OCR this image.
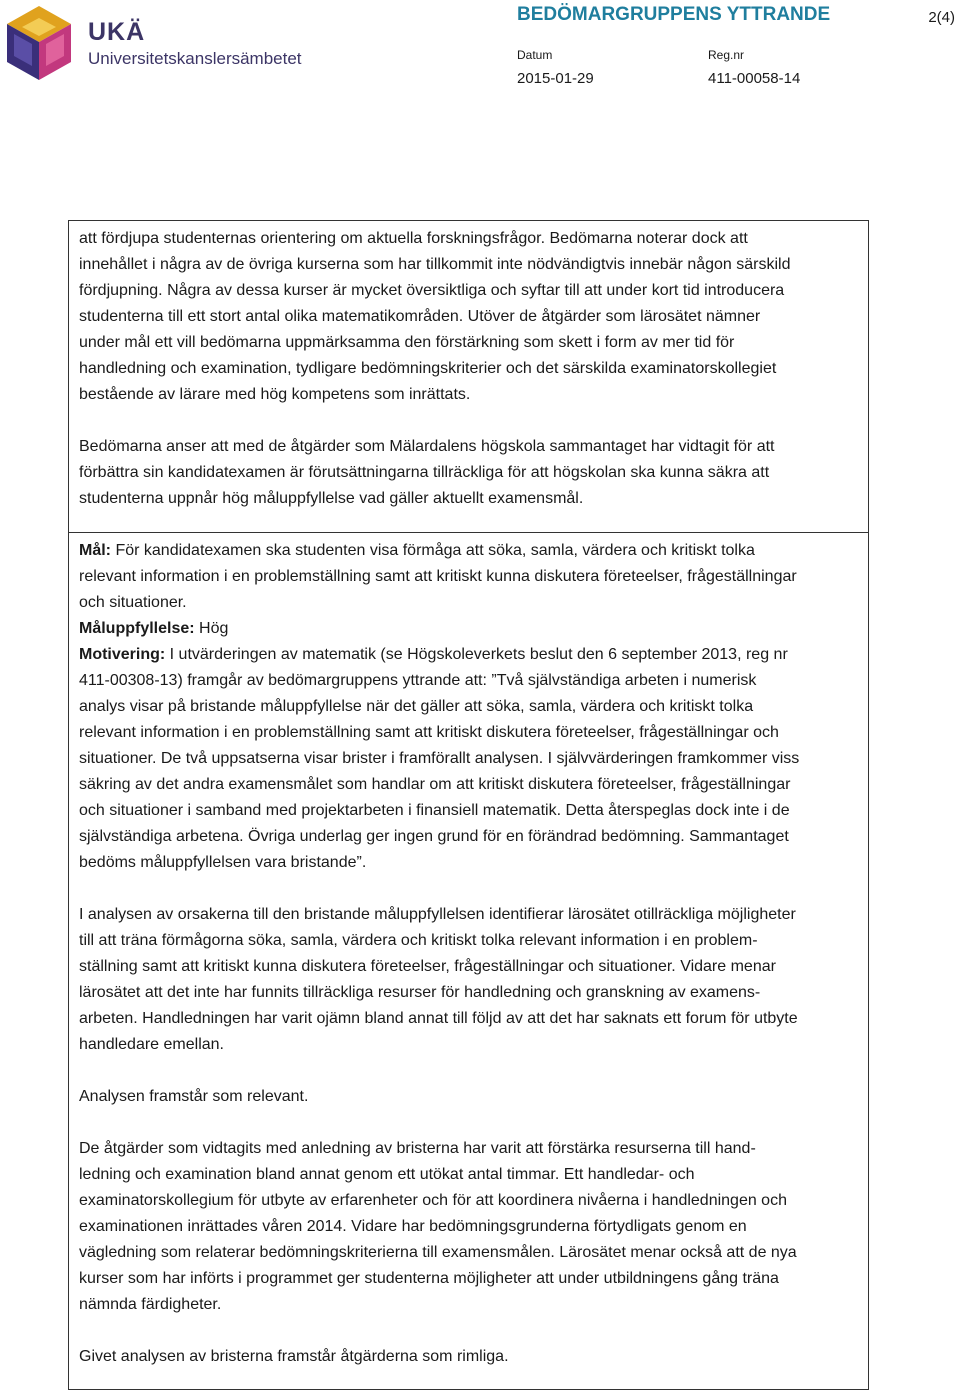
UKÄ
Universitetskanslersämbetet
BEDÖMARGRUPPENS YTTRANDE	2(4)
Datum	Reg.nr
2015-01-29	411-00058-14
att fördjupa studenternas orientering om aktuella forskningsfrågor. Bedömarna noterar dock att
innehållet i några av de övriga kurserna som har tillkommit inte nödvändigtvis innebär någon särskild
fördjupning. Några av dessa kurser är mycket översiktliga och syftar till att under kort tid introducera
studenterna till ett stort antal olika matematikområden. Utöver de åtgärder som lärosätet nämner
under mål ett vill bedömarna uppmärksamma den förstärkning som skett i form av mer tid för
handledning och examination, tydligare bedömningskriterier och det särskilda examinatorskollegiet
bestående av lärare med hög kompetens som inrättats.
Bedömarna anser att med de åtgärder som Mälardalens högskola sammantaget har vidtagit för att
förbättra sin kandidatexamen är förutsättningarna tillräckliga för att högskolan ska kunna säkra att
studenterna uppnår hög måluppfyllelse vad gäller aktuellt examensmål.
Mål: För kandidatexamen ska studenten visa förmåga att söka, samla, värdera och kritiskt tolka
relevant information i en problemställning samt att kritiskt kunna diskutera företeelser, frågeställningar
och situationer.
Måluppfyllelse: Hög
Motivering: I utvärderingen av matematik (se Högskoleverkets beslut den 6 september 2013, reg nr
411-00308-13) framgår av bedömargruppens yttrande att: ”Två självständiga arbeten i numerisk
analys visar på bristande måluppfyllelse när det gäller att söka, samla, värdera och kritiskt tolka
relevant information i en problemställning samt att kritiskt diskutera företeelser, frågeställningar och
situationer. De två uppsatserna visar brister i framförallt analysen. I självvärderingen framkommer viss
säkring av det andra examensmålet som handlar om att kritiskt diskutera företeelser, frågeställningar
och situationer i samband med projektarbeten i finansiell matematik. Detta återspeglas dock inte i de
självständiga arbetena. Övriga underlag ger ingen grund för en förändrad bedömning. Sammantaget
bedöms måluppfyllelsen vara bristande”.
I analysen av orsakerna till den bristande måluppfyllelsen identifierar lärosätet otillräckliga möjligheter
till att träna förmågorna söka, samla, värdera och kritiskt tolka relevant information i en problem-
ställning samt att kritiskt kunna diskutera företeelser, frågeställningar och situationer. Vidare menar
lärosätet att det inte har funnits tillräckliga resurser för handledning och granskning av examens-
arbeten. Handledningen har varit ojämn bland annat till följd av att det har saknats ett forum för utbyte
handledare emellan.
Analysen framstår som relevant.
De åtgärder som vidtagits med anledning av bristerna har varit att förstärka resurserna till hand-
ledning och examination bland annat genom ett utökat antal timmar. Ett handledar- och
examinatorskollegium för utbyte av erfarenheter och för att koordinera nivåerna i handledningen och
examinationen inrättades våren 2014. Vidare har bedömningsgrunderna förtydligats genom en
vägledning som relaterar bedömningskriterierna till examensmålen. Lärosätet menar också att de nya
kurser som har införts i programmet ger studenterna möjligheter att under utbildningens gång träna
nämnda färdigheter.
Givet analysen av bristerna framstår åtgärderna som rimliga.
